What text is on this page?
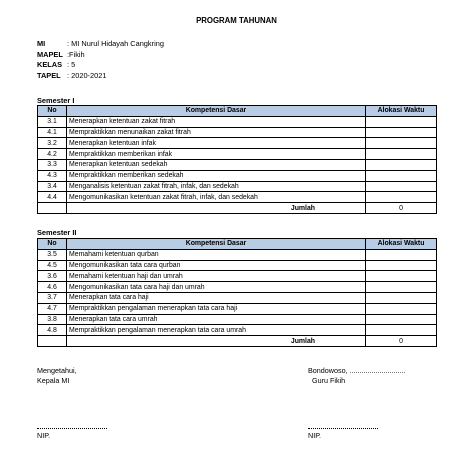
PROGRAM TAHUNAN
MI	: MI Nurul Hidayah Cangkring
MAPEL :Fikih
KELAS : 5
TAPEL : 2020-2021
Semester I
No	Kompetensi Dasar	Alokasi Waktu
3.1	Menerapkan ketentuan zakat fitrah	
4.1	Mempraktikkan menunaikan zakat fitrah	
3.2	Menerapkan ketentuan infak	
4.2	Mempraktikkan memberikan infak	
3.3	Menerapkan ketentuan sedekah	
4.3	Mempraktikkan memberikan sedekah	
3.4	Menganalisis ketentuan zakat fitrah, infak, dan sedekah	
4.4	Mengomunikasikan ketentuan zakat fitrah, infak, dan sedekah	
	Jumlah	0
Semester II
No	Kompetensi Dasar	Alokasi Waktu
3.5	Memahami ketentuan qurban	
4.5	Mengomunikasikan tata cara qurban	
3.6	Memahami ketentuan haji dan umrah	
4.6	Mengomunikasikan tata cara haji dan umrah	
3.7	Menerapkan tata cara haji	
4.7	Mempraktikkan pengalaman menerapkan tata cara haji	
3.8	Menerapkan tata cara umrah	
4.8	Mempraktikkan pengalaman menerapkan tata cara umrah	
	Jumlah	0
Mengetahui,
Kepala MI
Bondowoso, ............................
Guru Fikih
NIP.	NIP.
